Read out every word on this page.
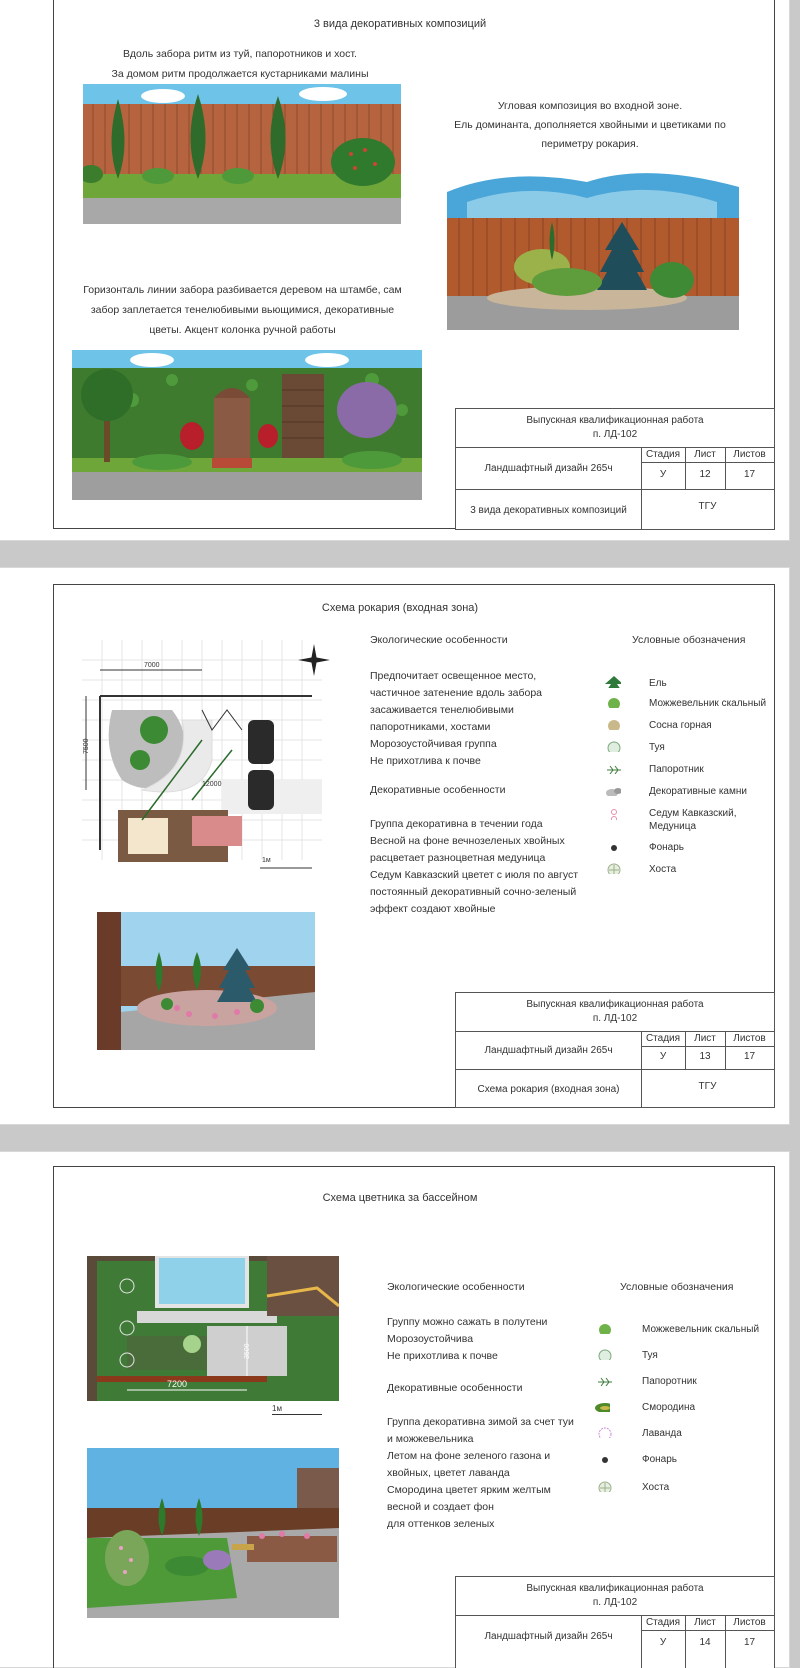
3 вида декоративных композиций
Вдоль забора ритм из туй, папоротников и хост.
За домом ритм продолжается кустарниками малины
Угловая композиция во входной зоне.
Ель доминанта, дополняется хвойными и цветиками по
периметру рокария.
Горизонталь линии забора разбивается деревом на штамбе, сам
забор заплетается тенелюбивыми вьющимися, декоративные
цветы. Акцент колонка ручной работы
Выпускная квалификационная работа
п. ЛД-102
Ландшафтный дизайн 265ч
Стадия	Лист	Листов
У	12	17
3 вида декоративных композиций	ТГУ
Схема рокария (входная зона)
7000
7500
12000
1м
Экологические особенности
Предпочитает освещенное место,
частичное затенение вдоль забора
засаживается тенелюбивыми
папоротниками, хостами
Морозоустойчивая группа
Не прихотлива к почве
Декоративные особенности
Группа декоративна в течении года
Весной на фоне вечнозеленых хвойных
расцветает разноцветная медуница
Седум Кавказский цветет с июля по август
постоянный декоративный сочно-зеленый
эффект создают хвойные
Условные обозначения
Ель
Можжевельник скальный
Сосна горная
Туя
Папоротник
Декоративные камни
Седум Кавказский,
Медуница
Фонарь
Хоста
Выпускная квалификационная работа
п. ЛД-102
Ландшафтный дизайн 265ч
Стадия	Лист	Листов
У	13	17
Схема рокария (входная зона)	ТГУ
Схема цветника за бассейном
7200
3500
1м
Экологические особенности
Группу можно сажать в полутени
Морозоустойчива
Не прихотлива к почве
Декоративные особенности
Группа декоративна зимой за счет туи
и можжевельника
Летом на фоне зеленого газона и
хвойных, цветет лаванда
Смородина цветет ярким желтым
весной и создает фон
для оттенков зеленых
Условные обозначения
Можжевельник скальный
Туя
Папоротник
Смородина
Лаванда
Фонарь
Хоста
Выпускная квалификационная работа
п. ЛД-102
Ландшафтный дизайн 265ч
Стадия	Лист	Листов
У	14	17
